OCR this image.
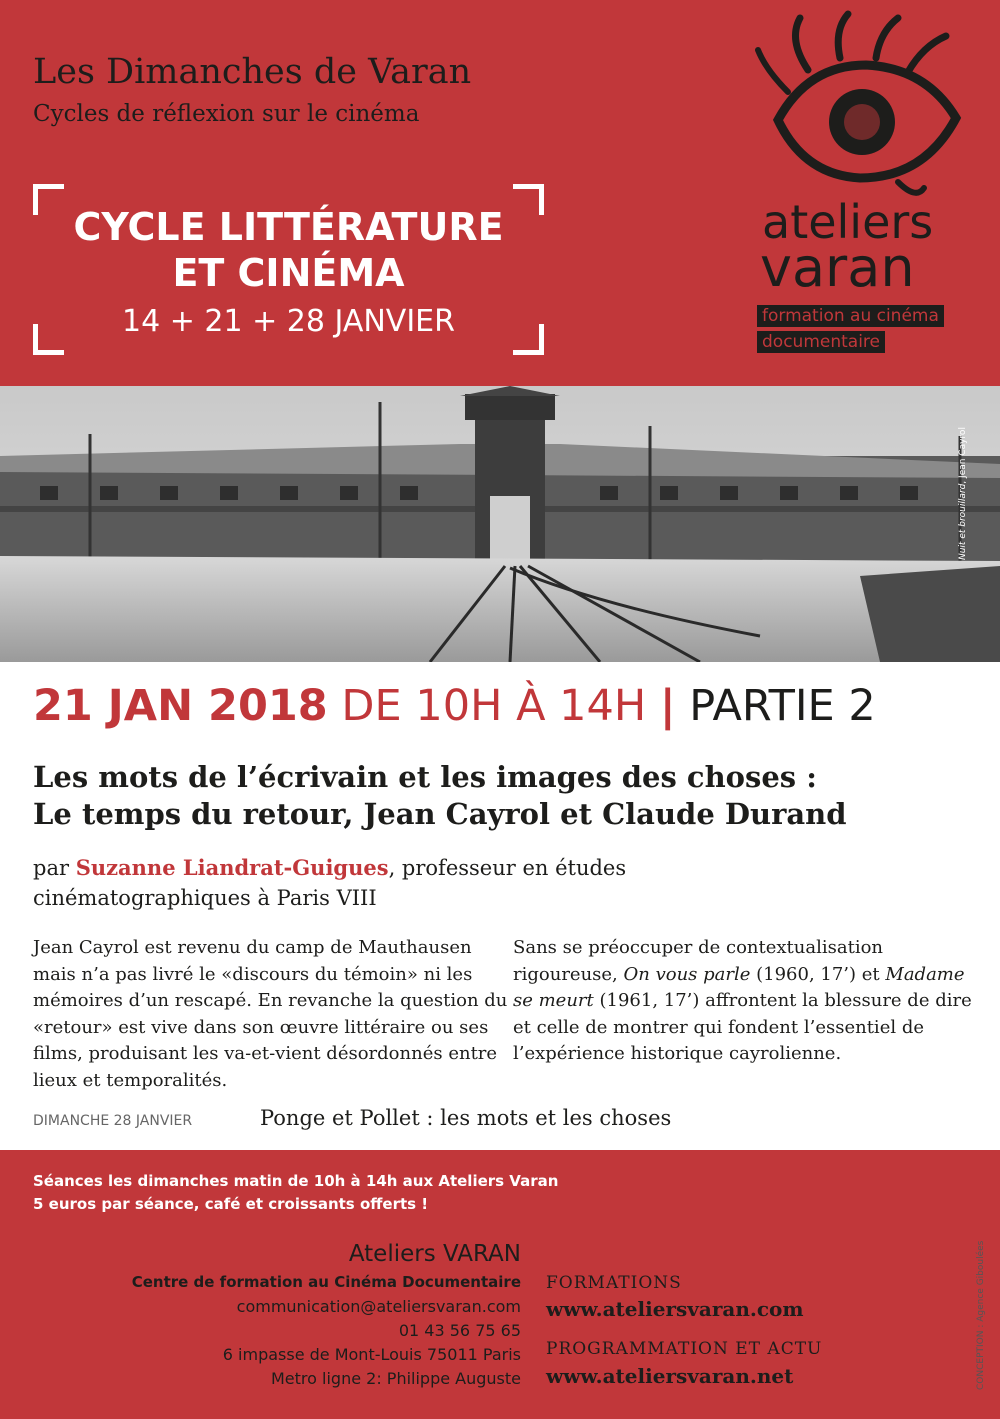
Les Dimanches de Varan
Cycles de réflexion sur le cinéma
CYCLE LITTÉRATURE
ET CINÉMA
14 + 21 + 28 JANVIER
ateliers
varan
formation au cinéma
documentaire
Nuit et brouillard, Jean Cayrol
21 JAN 2018 DE 10H À 14H | PARTIE 2
Les mots de l’écrivain et les images des choses :
Le temps du retour, Jean Cayrol et Claude Durand
par Suzanne Liandrat-Guigues, professeur en études
cinématographiques à Paris VIII
Jean Cayrol est revenu du camp de Mauthausen mais n’a pas livré le «discours du témoin» ni les mémoires d’un rescapé. En revanche la question du «retour» est vive dans son œuvre littéraire ou ses films, produisant les va-et-vient désordonnés entre lieux et temporalités.
Sans se préoccuper de contextualisation rigoureuse, On vous parle (1960, 17’) et Madame se meurt (1961, 17’) affrontent la blessure de dire et celle de montrer qui fondent l’essentiel de l’expérience historique cayrolienne.
DIMANCHE 28 JANVIER	Ponge et Pollet : les mots et les choses
Séances les dimanches matin de 10h à 14h aux Ateliers Varan
5 euros par séance, café et croissants offerts !
Ateliers VARAN
Centre de formation au Cinéma Documentaire
communication@ateliersvaran.com
01 43 56 75 65
6 impasse de Mont-Louis 75011 Paris
Metro ligne 2: Philippe Auguste
FORMATIONS
www.ateliersvaran.com
PROGRAMMATION ET ACTU
www.ateliersvaran.net	CONCEPTION : Agence Giboulées
